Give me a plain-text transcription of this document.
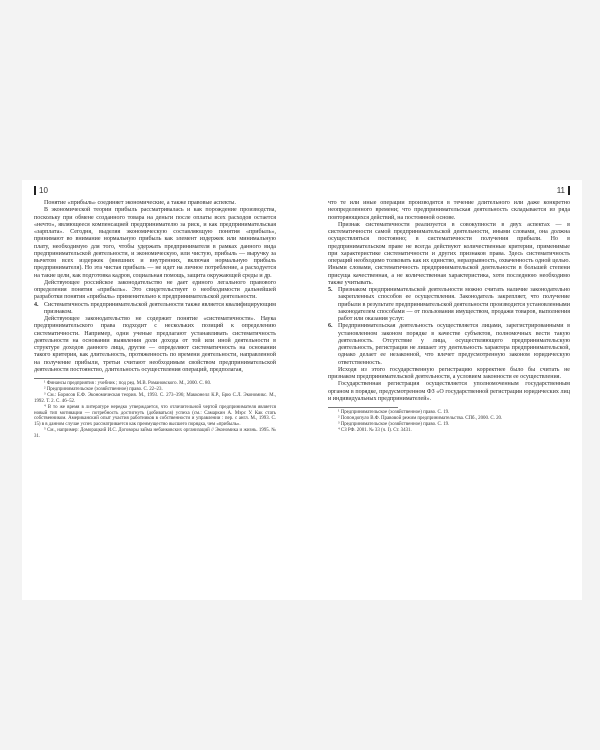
10

Понятие «прибыль» соединяет экономические, а также правовые аспекты.

В экономической теории прибыль рассматривалась и как порождение производства, поскольку при обмене созданного товара на деньги после оплаты всех расходов остается «нечто», являющееся компенсацией предпринимателю за риск, и как предпринимательская «зарплата». Сегодня, выделяя экономическую составляющую понятия «прибыль», принимают во внимание нормальную прибыль как элемент издержек или минимальную плату, необходимую для того, чтобы удержать предпринимателя в рамках данного вида предпринимательской деятельности, и экономическую, или чистую, прибыль — выручку за вычетом всех издержек (внешних и внутренних, включая нормальную прибыль предпринимателя). Но эта чистая прибыль — не идет на личное потребление, а расходуется на такие цели, как подготовка кадров, социальная помощь, защита окружающей среды и др.

Действующее российское законодательство не дает единого легального правового определения понятия «прибыль». Это свидетельствует о необходимости дальнейшей разработки понятия «прибыль» применительно к предпринимательской деятельности.

4. Систематичность предпринимательской деятельности также является квалифицирующим признаком.

Действующее законодательство не содержит понятие «систематичности». Наука предпринимательского права подходит с нескольких позиций к определению систематичности. Например, одни ученые предлагают устанавливать систематичность деятельности на основании выявления доли дохода от той или иной деятельности в структуре доходов данного лица, другие — определяют систематичность на основании такого критерия, как длительность, протяженность по времени деятельности, направленной на получение прибыли, третьи считают необходимым свойством предпринимательской деятельности постоянство, длительность осуществления операций, предполагая,

¹ Финансы предприятия : учебник ; под ред. М.В. Романовского. М., 2000. С. 80.

² Предпринимательское (хозяйственное) право. С. 22–23.

³ См.: Борисов Е.Ф. Экономическая теория. М., 1993. С. 273–396; Макконелл К.Р., Брю С.Л. Экономикс. М., 1992. Т. 2. С. 46–52.

⁴ В то же время в литературе нередко утверждается, что отличительной чертой предпринимателя является новый тип мотивации — потребность достигнуть (добиваться) успеха (см.: Самаркин А. Мэрс У. Как стать собственником. Американский опыт участия работников в собственности и управлении : пер. с англ. М., 1993. С. 15) в в данном случае успех рассматривается как преимущество высшего порядка, чем «прибыль».

⁵ См., например: Доморацкий И.С. Договоры займа небанковских организаций // Экономика и жизнь. 1995. № 31.

11

что те или иные операции производятся в течение длительного или даже конкретно неопределенного времени; что предпринимательская деятельность складывается из ряда повторяющихся действий, на постоянной основе.

Признак систематичности реализуется в совокупности в двух аспектах — в систематичности самой предпринимательской деятельности, иными словами, она должна осуществляться постоянно; в систематичности получения прибыли. Но в предпринимательском праве не всегда действуют количественные критерии, применимые при характеристике систематичности и других признаков права. Здесь систематичность операций необходимо толковать как их единство, неразрывность, охваченность одной целью. Иными словами, систематичность предпринимательской деятельности в большей степени присуща качественная, а не количественная характеристика, хотя последнюю необходимо также учитывать.

5. Признаком предпринимательской деятельности можно считать наличие законодательно закрепленных способов ее осуществления. Законодатель закрепляет, что получение прибыли в результате предпринимательской деятельности производится установленными законодателем способами — от пользования имуществом, продажи товаров, выполнения работ или оказания услуг.
6. Предпринимательская деятельность осуществляется лицами, зарегистрированными в установленном законом порядке в качестве субъектов, полномочных вести такую деятельность. Отсутствие у лица, осуществляющего предпринимательскую деятельность, регистрации не лишает эту деятельность характера предпринимательской, однако делает ее незаконной, что влечет предусмотренную законом юридическую ответственность.

Исходя из этого государственную регистрацию корректнее было бы считать не признаком предпринимательской деятельности, а условием законности ее осуществления.

Государственная регистрация осуществляется уполномоченным государственным органом в порядке, предусмотренном ФЗ «О государственной регистрации юридических лиц и индивидуальных предпринимателей».

¹ Предпринимательское (хозяйственное) право. С. 19.

² Попондопуло В.Ф. Правовой режим предпринимательства. СПб., 2000. С. 20.

³ Предпринимательское (хозяйственное) право. С. 19.

⁴ СЗ РФ. 2001. № 33 (ч. I). Ст. 3431.
